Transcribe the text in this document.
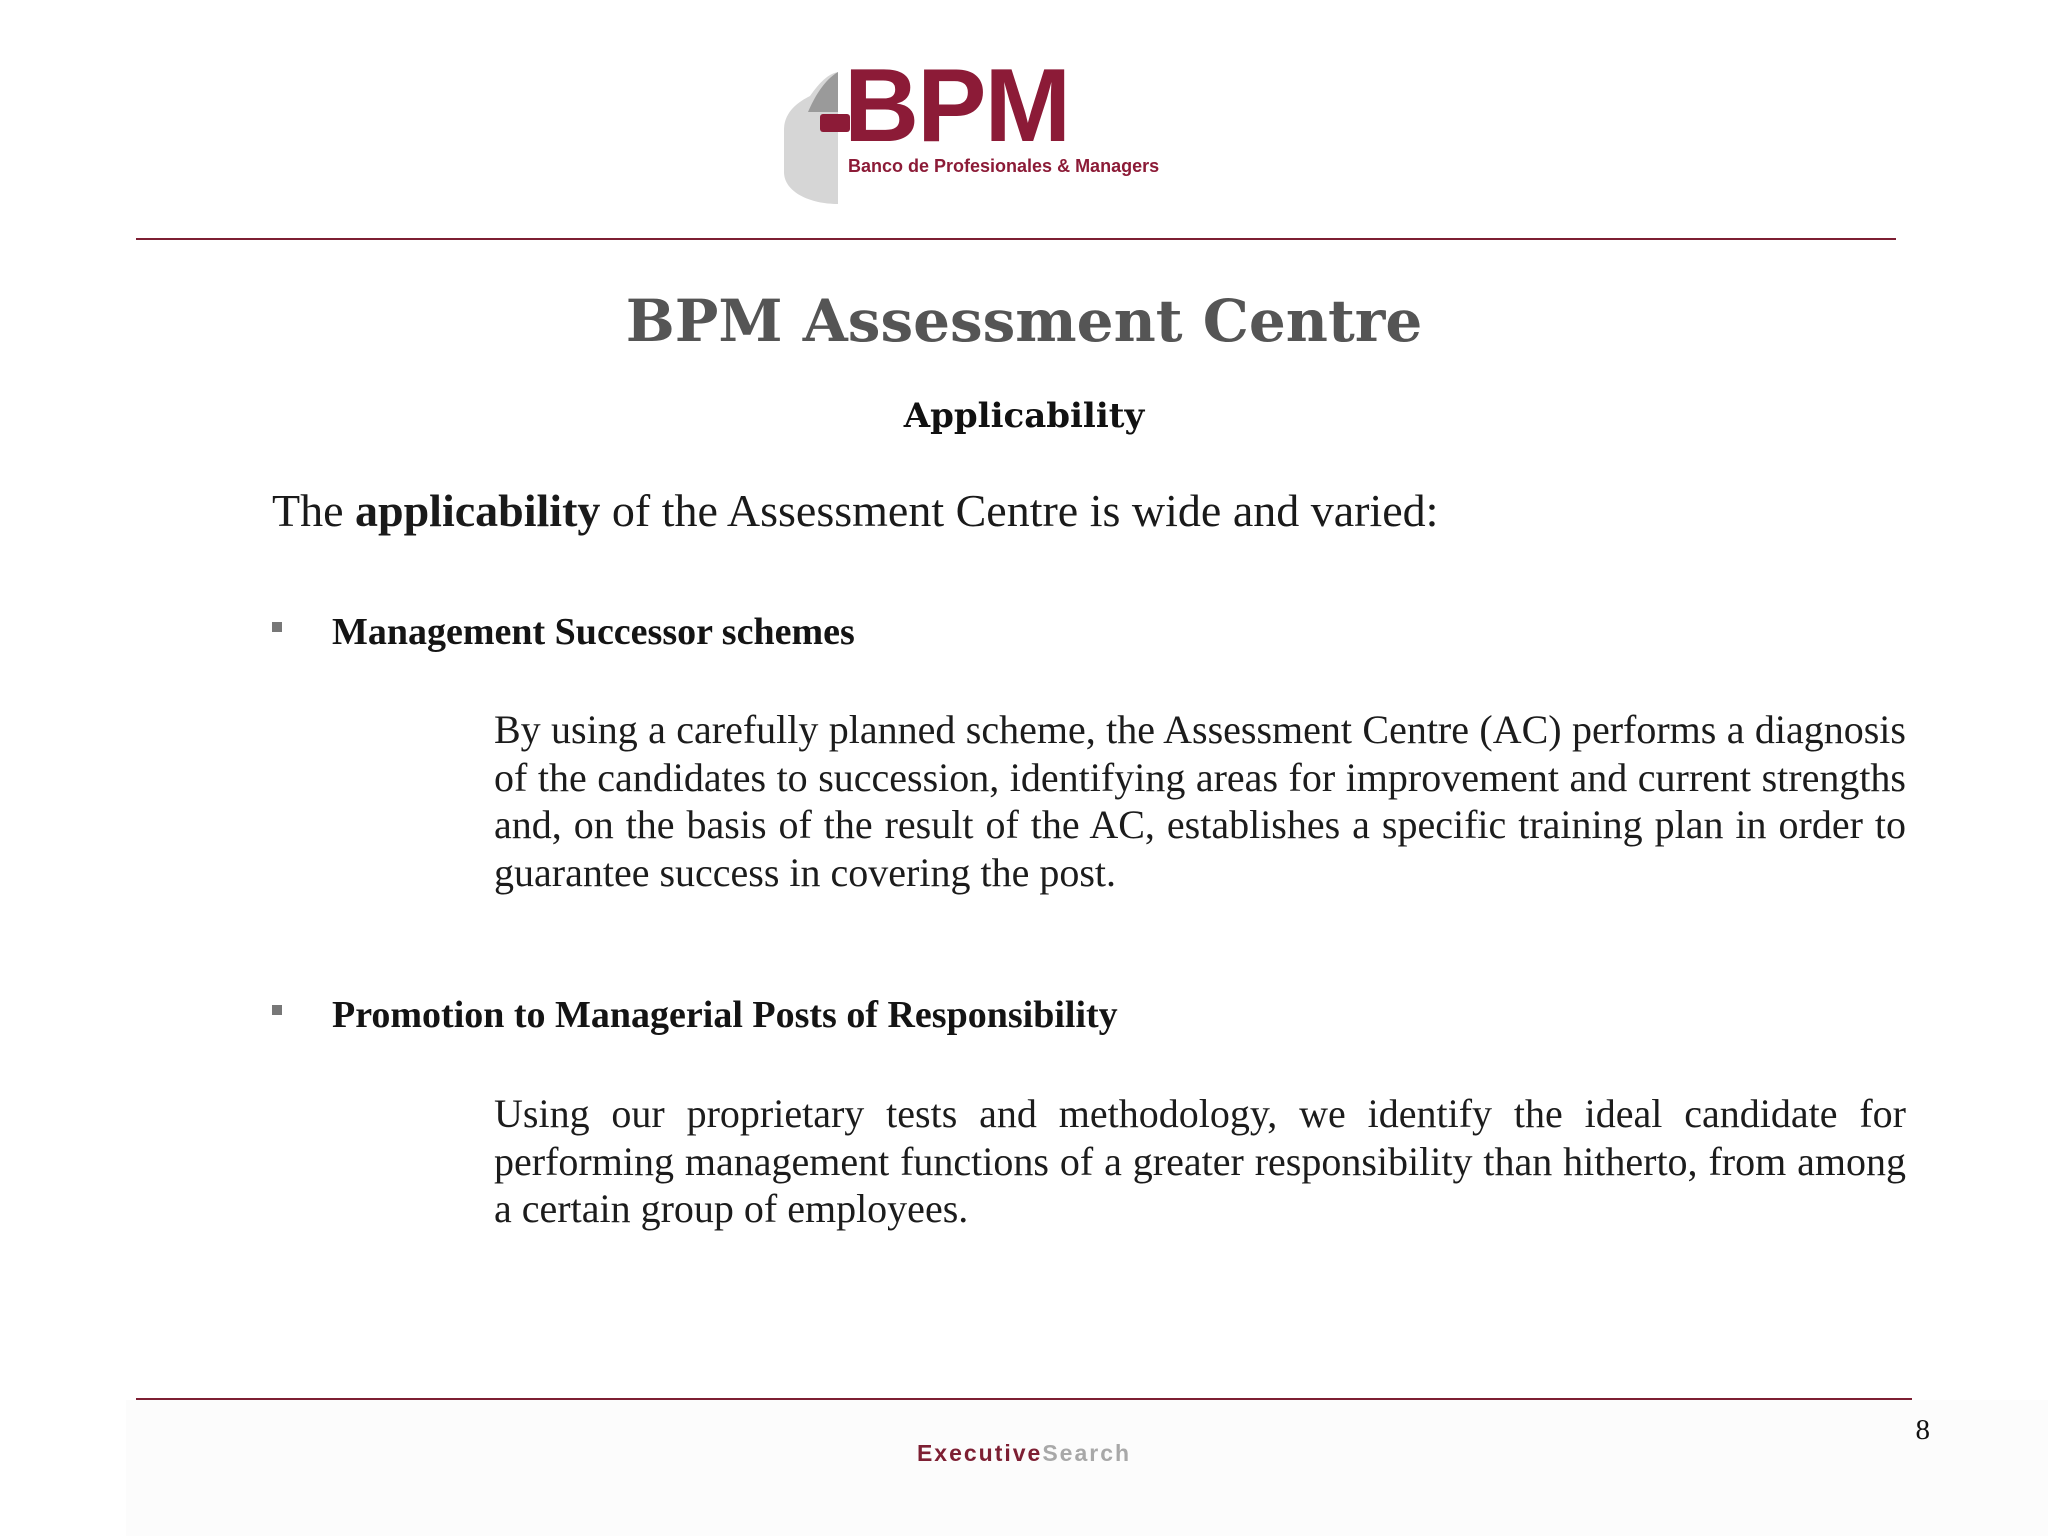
BPM
Banco de Profesionales & Managers
BPM Assessment Centre
Applicability
The applicability of the Assessment Centre is wide and varied:
Management Successor schemes
By using a carefully planned scheme, the Assessment Centre (AC) performs a diagnosis of the candidates to succession, identifying areas for improvement and current strengths and, on the basis of the result of the AC, establishes a specific training plan in order to guarantee success in covering the post.
Promotion to Managerial Posts of Responsibility
Using our proprietary tests and methodology, we identify the ideal candidate for performing management functions of a greater responsibility than hitherto, from among a certain group of employees.
ExecutiveSearch
8
